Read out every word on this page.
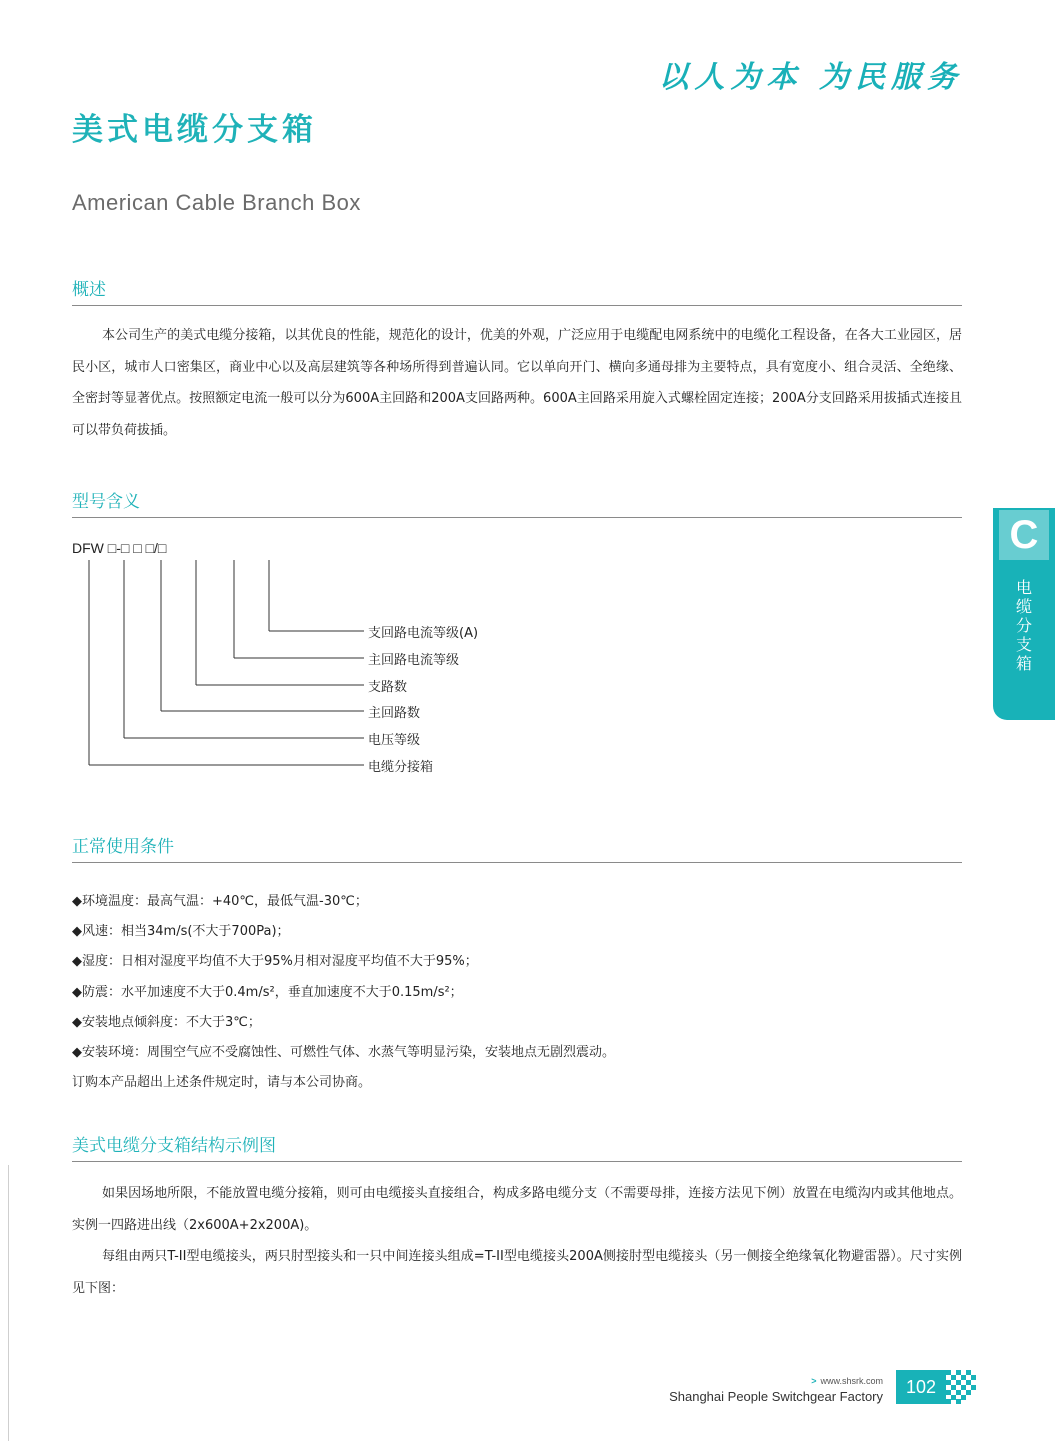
以人为本 为民服务
美式电缆分支箱
American Cable Branch Box
概述

本公司生产的美式电缆分接箱，以其优良的性能，规范化的设计，优美的外观，广泛应用于电缆配电网系统中的电缆化工程设备，在各大工业园区，居民小区，城市人口密集区，商业中心以及高层建筑等各种场所得到普遍认同。它以单向开门、横向多通母排为主要特点，具有宽度小、组合灵活、全绝缘、全密封等显著优点。按照额定电流一般可以分为600A主回路和200A支回路两种。600A主回路采用旋入式螺栓固定连接；200A分支回路采用拔插式连接且可以带负荷拔插。

型号含义
DFW □-□ □ □/□
支回路电流等级(A)
主回路电流等级
支路数
主回路数
电压等级
电缆分接箱
正常使用条件
◆环境温度：最高气温：+40℃，最低气温-30℃；
◆风速：相当34m/s(不大于700Pa)；
◆湿度：日相对湿度平均值不大于95%月相对湿度平均值不大于95%；
◆防震：水平加速度不大于0.4m/s²，垂直加速度不大于0.15m/s²；
◆安装地点倾斜度：不大于3℃；
◆安装环境：周围空气应不受腐蚀性、可燃性气体、水蒸气等明显污染，安装地点无剧烈震动。
订购本产品超出上述条件规定时，请与本公司协商。
美式电缆分支箱结构示例图

如果因场地所限，不能放置电缆分接箱，则可由电缆接头直接组合，构成多路电缆分支（不需要母排，连接方法见下例）放置在电缆沟内或其他地点。实例一四路进出线（2x600A+2x200A)。

每组由两只T-II型电缆接头，两只肘型接头和一只中间连接头组成=T-II型电缆接头200A侧接肘型电缆接头（另一侧接全绝缘氧化物避雷器）。尺寸实例见下图：

C
电
缆
分
支
箱
> www.shsrk.com
Shanghai People Switchgear Factory	102
